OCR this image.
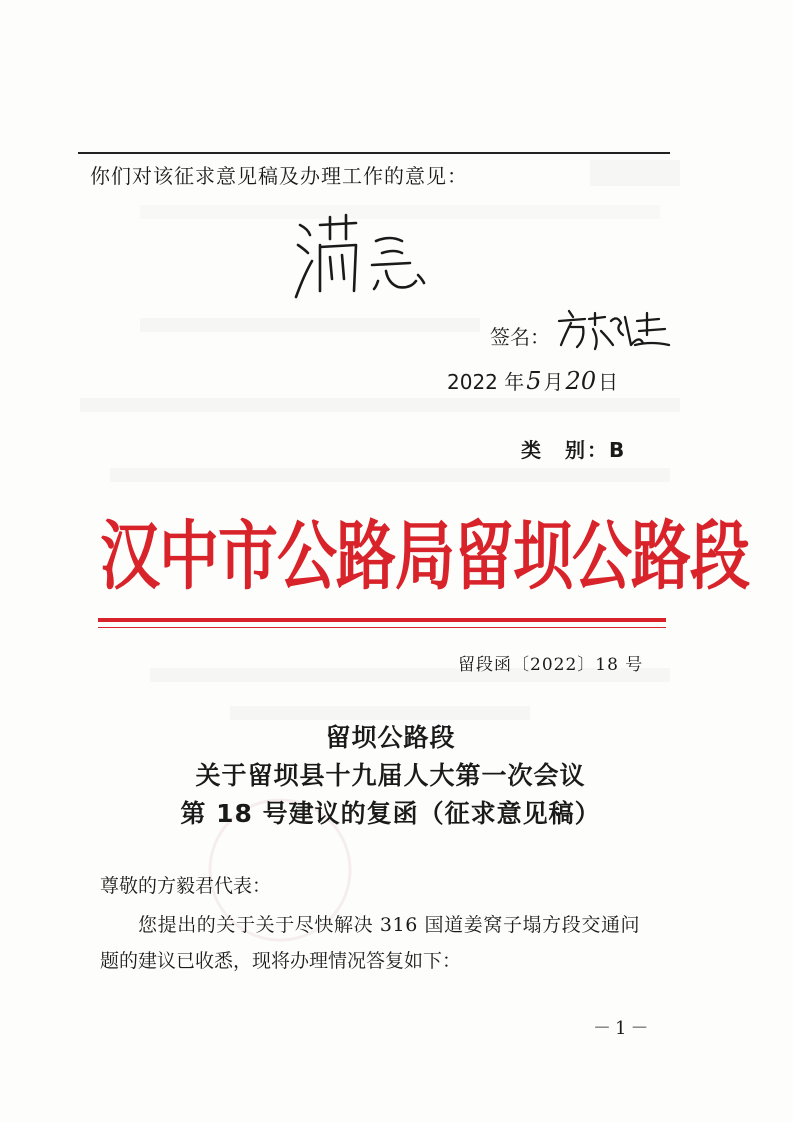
你们对该征求意见稿及办理工作的意见：
签名：
2022 年5 月20 日
类　别：B
汉中市公路局留坝公路段
留段函〔2022〕18 号
留坝公路段
关于留坝县十九届人大第一次会议
第 18 号建议的复函（征求意见稿）
尊敬的方毅君代表：
您提出的关于关于尽快解决 316 国道姜窝子塌方段交通问
题的建议已收悉，现将办理情况答复如下：
－1－
